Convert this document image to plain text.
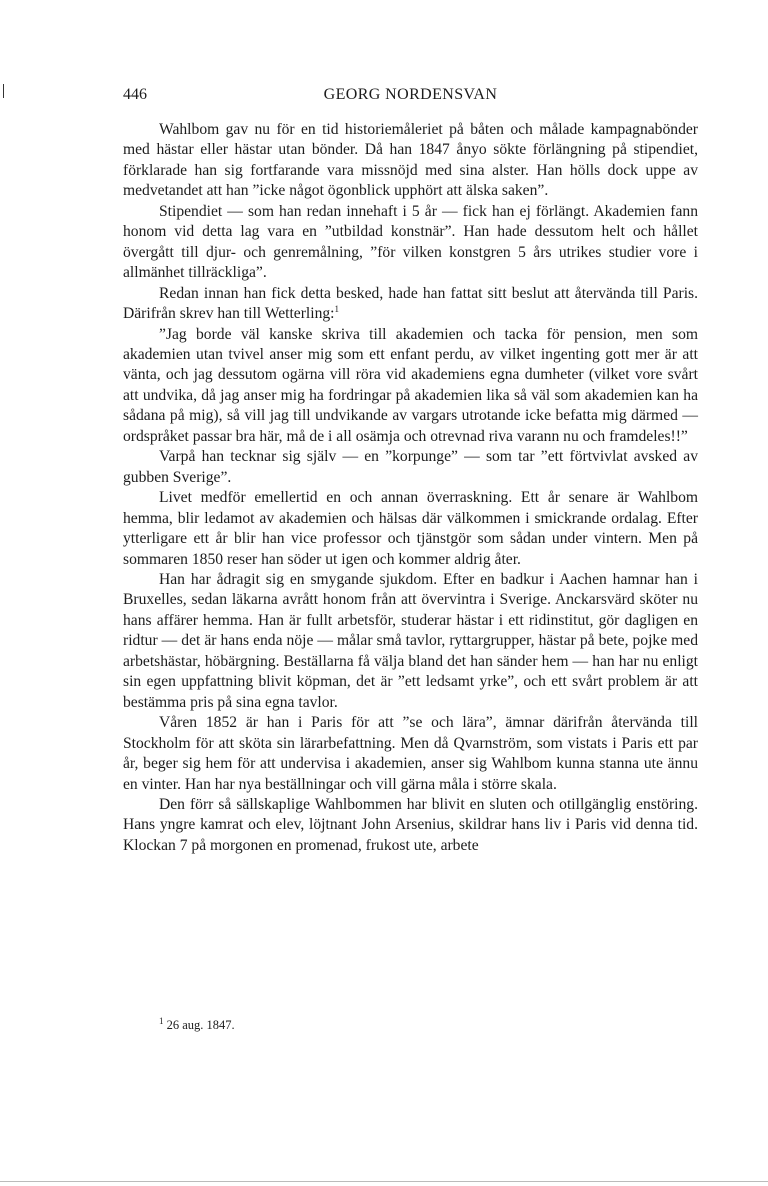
446	GEORG NORDENSVAN

Wahlbom gav nu för en tid historiemåleriet på båten och målade kampagnabönder med hästar eller hästar utan bönder. Då han 1847 ånyo sökte förlängning på stipendiet, förklarade han sig fortfarande vara missnöjd med sina alster. Han hölls dock uppe av medvetandet att han ”icke något ögonblick upphört att älska saken”.

Stipendiet — som han redan innehaft i 5 år — fick han ej förlängt. Akademien fann honom vid detta lag vara en ”utbildad konstnär”. Han hade dessutom helt och hållet övergått till djur- och genremålning, ”för vilken konstgren 5 års utrikes studier vore i allmänhet tillräckliga”.

Redan innan han fick detta besked, hade han fattat sitt beslut att återvända till Paris. Därifrån skrev han till Wetterling:$^1$

”Jag borde väl kanske skriva till akademien och tacka för pension, men som akademien utan tvivel anser mig som ett enfant perdu, av vilket ingenting gott mer är att vänta, och jag dessutom ogärna vill röra vid akademiens egna dumheter (vilket vore svårt att undvika, då jag anser mig ha fordringar på akademien lika så väl som akademien kan ha sådana på mig), så vill jag till undvikande av vargars utrotande icke befatta mig därmed — ordspråket passar bra här, må de i all osämja och otrevnad riva varann nu och framdeles!!”

Varpå han tecknar sig själv — en ”korpunge” — som tar ”ett förtvivlat avsked av gubben Sverige”.

Livet medför emellertid en och annan överraskning. Ett år senare är Wahlbom hemma, blir ledamot av akademien och hälsas där välkommen i smickrande ordalag. Efter ytterligare ett år blir han vice professor och tjänstgör som sådan under vintern. Men på sommaren 1850 reser han söder ut igen och kommer aldrig åter.

Han har ådragit sig en smygande sjukdom. Efter en badkur i Aachen hamnar han i Bruxelles, sedan läkarna avrått honom från att övervintra i Sverige. Anckarsvärd sköter nu hans affärer hemma. Han är fullt arbetsför, studerar hästar i ett ridinstitut, gör dagligen en ridtur — det är hans enda nöje — målar små tavlor, ryttargrupper, hästar på bete, pojke med arbetshästar, höbärgning. Beställarna få välja bland det han sänder hem — han har nu enligt sin egen uppfattning blivit köpman, det är ”ett ledsamt yrke”, och ett svårt problem är att bestämma pris på sina egna tavlor.

Våren 1852 är han i Paris för att ”se och lära”, ämnar därifrån återvända till Stockholm för att sköta sin lärarbefattning. Men då Qvarnström, som vistats i Paris ett par år, beger sig hem för att undervisa i akademien, anser sig Wahlbom kunna stanna ute ännu en vinter. Han har nya beställningar och vill gärna måla i större skala.

Den förr så sällskaplige Wahlbommen har blivit en sluten och otillgänglig enstöring. Hans yngre kamrat och elev, löjtnant John Arsenius, skildrar hans liv i Paris vid denna tid. Klockan 7 på morgonen en promenad, frukost ute, arbete

$^1$ 26 aug. 1847.
